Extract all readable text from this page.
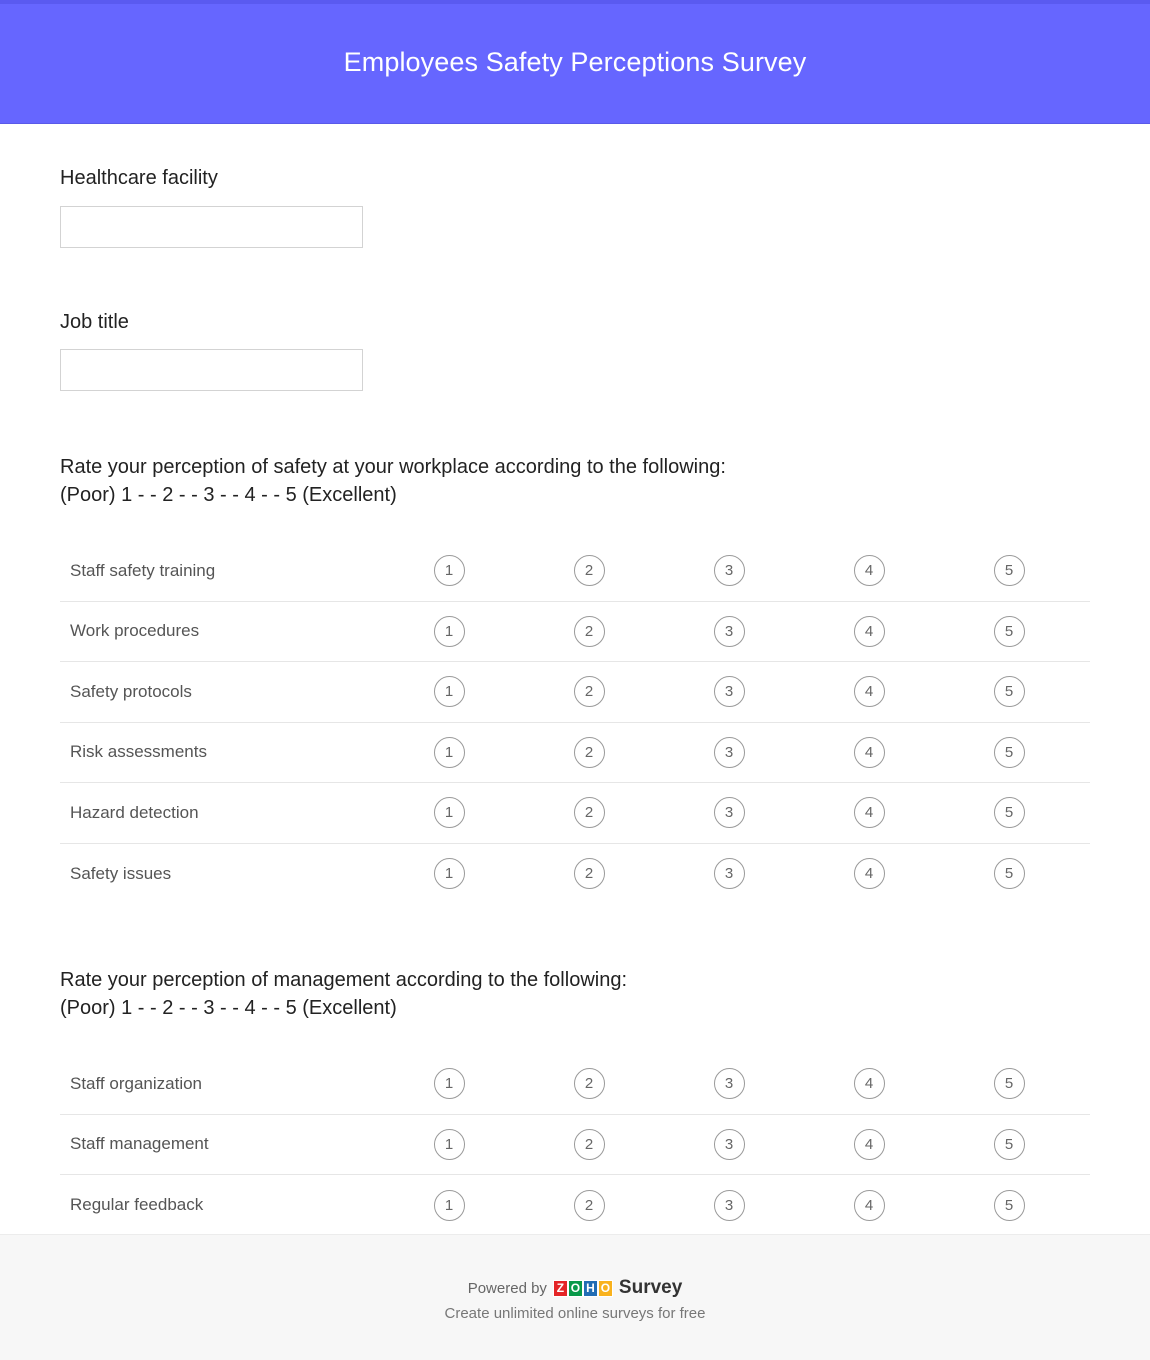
Employees Safety Perceptions Survey
Healthcare facility
Job title
Rate your perception of safety at your workplace according to the following:
(Poor) 1 - - 2 - - 3 - - 4 - - 5 (Excellent)
Staff safety training	1	2	3	4	5
Work procedures	1	2	3	4	5
Safety protocols	1	2	3	4	5
Risk assessments	1	2	3	4	5
Hazard detection	1	2	3	4	5
Safety issues	1	2	3	4	5
Rate your perception of management according to the following:
(Poor) 1 - - 2 - - 3 - - 4 - - 5 (Excellent)
Staff organization	1	2	3	4	5
Staff management	1	2	3	4	5
Regular feedback	1	2	3	4	5
Powered by Z O H O Survey
Create unlimited online surveys for free
